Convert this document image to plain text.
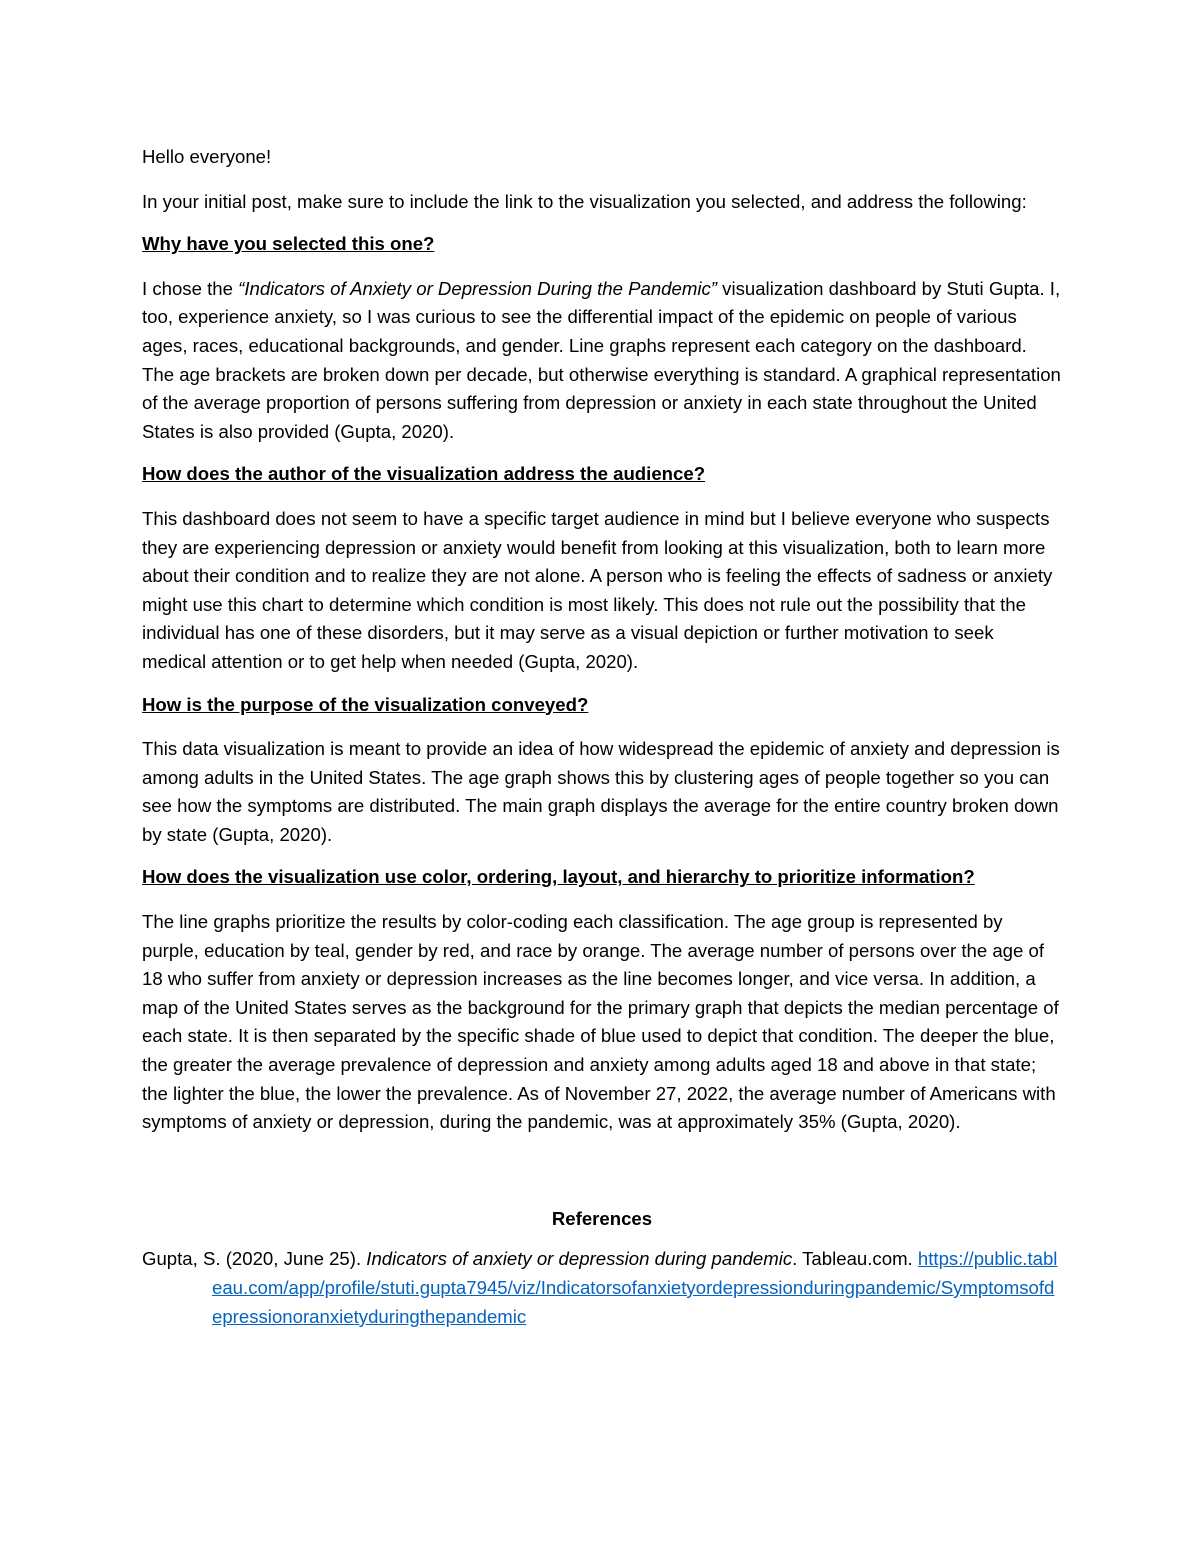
Hello everyone!

In your initial post, make sure to include the link to the visualization you selected, and address the following:

Why have you selected this one?

I chose the “Indicators of Anxiety or Depression During the Pandemic” visualization dashboard by Stuti Gupta. I, too, experience anxiety, so I was curious to see the differential impact of the epidemic on people of various ages, races, educational backgrounds, and gender. Line graphs represent each category on the dashboard. The age brackets are broken down per decade, but otherwise everything is standard. A graphical representation of the average proportion of persons suffering from depression or anxiety in each state throughout the United States is also provided (Gupta, 2020).

How does the author of the visualization address the audience?

This dashboard does not seem to have a specific target audience in mind but I believe everyone who suspects they are experiencing depression or anxiety would benefit from looking at this visualization, both to learn more about their condition and to realize they are not alone. A person who is feeling the effects of sadness or anxiety might use this chart to determine which condition is most likely. This does not rule out the possibility that the individual has one of these disorders, but it may serve as a visual depiction or further motivation to seek medical attention or to get help when needed (Gupta, 2020).

How is the purpose of the visualization conveyed?

This data visualization is meant to provide an idea of how widespread the epidemic of anxiety and depression is among adults in the United States. The age graph shows this by clustering ages of people together so you can see how the symptoms are distributed. The main graph displays the average for the entire country broken down by state (Gupta, 2020).

How does the visualization use color, ordering, layout, and hierarchy to prioritize information?

The line graphs prioritize the results by color-coding each classification. The age group is represented by purple, education by teal, gender by red, and race by orange. The average number of persons over the age of 18 who suffer from anxiety or depression increases as the line becomes longer, and vice versa. In addition, a map of the United States serves as the background for the primary graph that depicts the median percentage of each state. It is then separated by the specific shade of blue used to depict that condition. The deeper the blue, the greater the average prevalence of depression and anxiety among adults aged 18 and above in that state; the lighter the blue, the lower the prevalence. As of November 27, 2022, the average number of Americans with symptoms of anxiety or depression, during the pandemic, was at approximately 35% (Gupta, 2020).

References

Gupta, S. (2020, June 25). Indicators of anxiety or depression during pandemic. Tableau.com. https://public.tableau.com/app/profile/stuti.gupta7945/viz/Indicatorsofanxietyordepressionduringpandemic/Symptomsofdepressionoranxietyduringthepandemic
